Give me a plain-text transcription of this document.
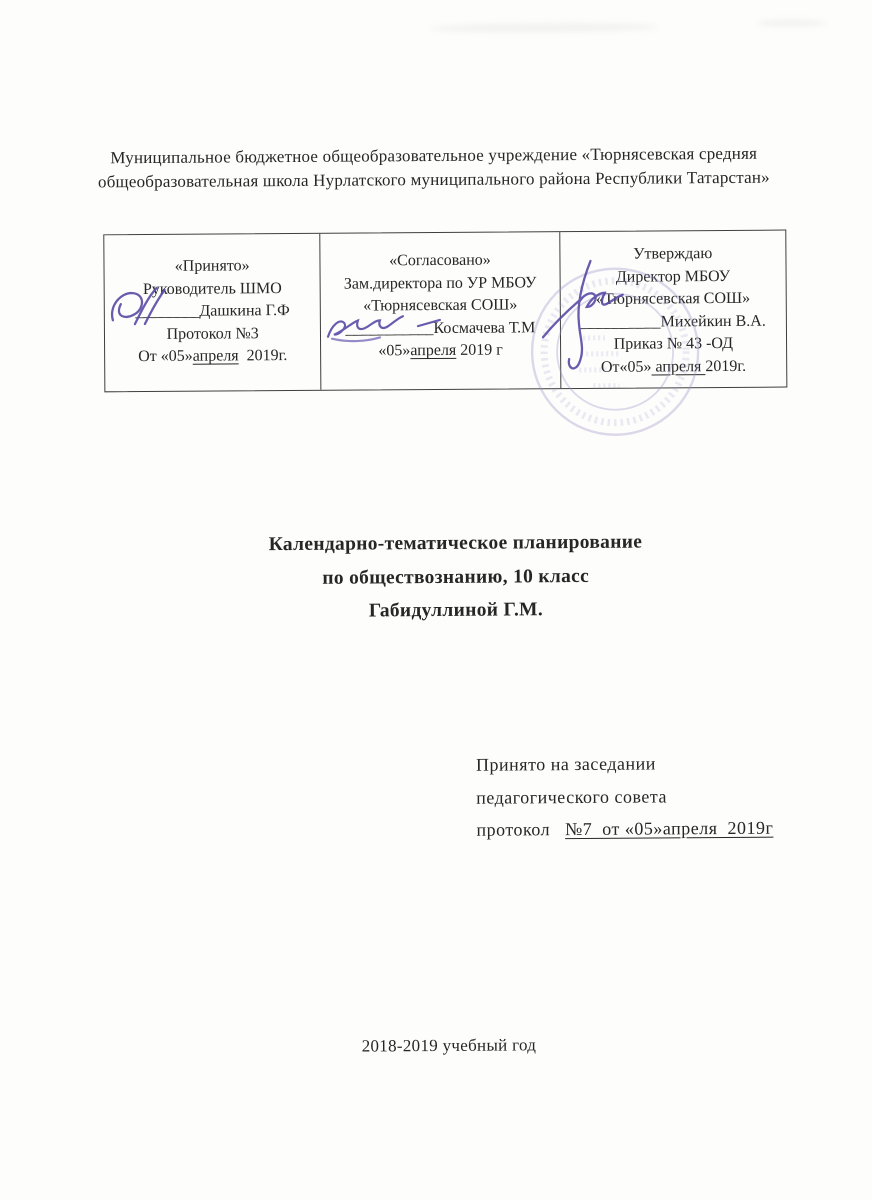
Муниципальное бюджетное общеобразовательное учреждение «Тюрнясевская средняя
общеобразовательная школа Нурлатского муниципального района Республики Татарстан»
«Принято»
Руководитель ШМО
________Дашкина Г.Ф
Протокол №3
От «05»апреля  2019г.
«Согласовано»
Зам.директора по УР МБОУ
«Тюрнясевская СОШ»
___________Космачева Т.М
«05»апреля 2019 г
Утверждаю
Директор МБОУ
«Тюрнясевская СОШ»
__________Михейкин В.А.
Приказ № 43 -ОД
От«05» апреля 2019г.
Календарно-тематическое планирование
по обществознанию, 10 класс
Габидуллиной Г.М.
Принято на заседании
педагогического совета
протокол   №7  от «05»апреля  2019г
2018-2019 учебный год
